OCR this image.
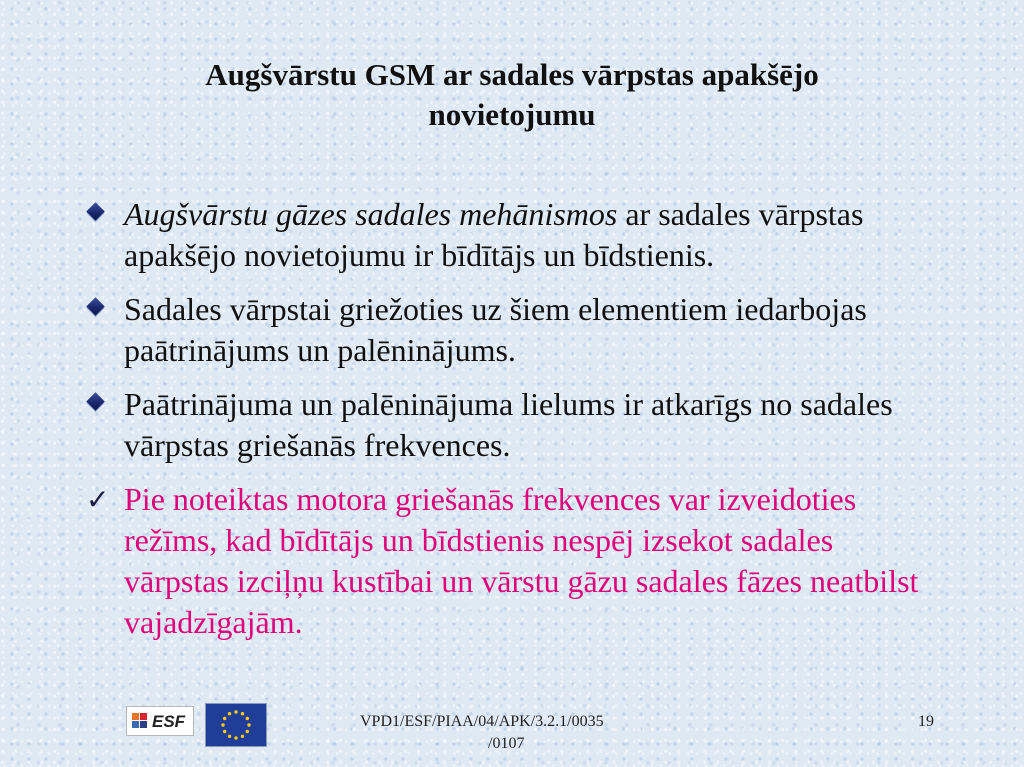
Augšvārstu GSM ar sadales vārpstas apakšējo
novietojumu
Augšvārstu gāzes sadales mehānismos ar sadales vārpstas apakšējo novietojumu ir bīdītājs un bīdstienis.
Sadales vārpstai griežoties uz šiem elementiem iedarbojas paātrinājums un palēninājums.
Paātrinājuma un palēninājuma lielums ir atkarīgs no sadales vārpstas griešanās frekvences.
✓ Pie noteiktas motora griešanās frekvences var izveidoties režīms, kad bīdītājs un bīdstienis nespēj izsekot sadales vārpstas izciļņu kustībai un vārstu gāzu sadales fāzes neatbilst vajadzīgajām.
ESF	VPD1/ESF/PIAA/04/APK/3.2.1/0035
/0107
19
